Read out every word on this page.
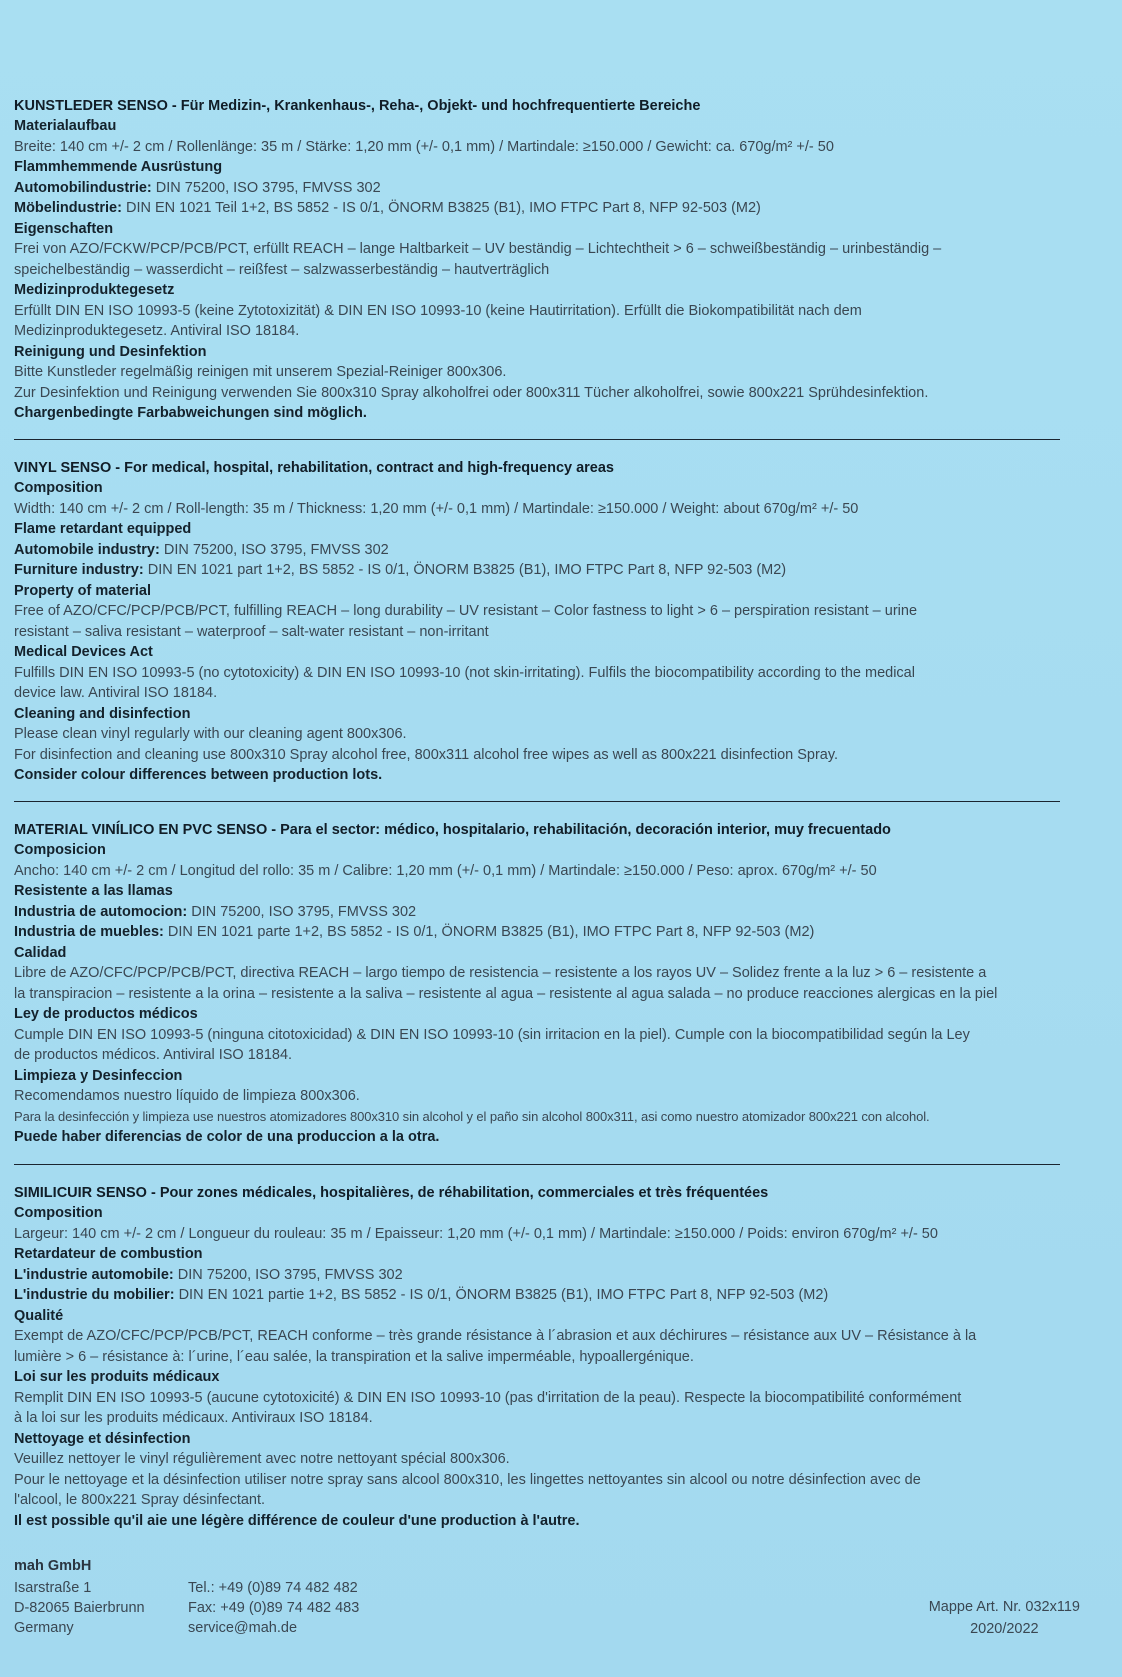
KUNSTLEDER SENSO - Für Medizin-, Krankenhaus-, Reha-, Objekt- und hochfrequentierte Bereiche
Materialaufbau
Breite: 140 cm +/- 2 cm / Rollenlänge: 35 m / Stärke: 1,20 mm (+/- 0,1 mm) / Martindale: ≥150.000 / Gewicht: ca. 670g/m² +/- 50
Flammhemmende Ausrüstung
Automobilindustrie: DIN 75200, ISO 3795, FMVSS 302
Möbelindustrie: DIN EN 1021 Teil 1+2, BS 5852 - IS 0/1, ÖNORM B3825 (B1), IMO FTPC Part 8, NFP 92-503 (M2)
Eigenschaften
Frei von AZO/FCKW/PCP/PCB/PCT, erfüllt REACH – lange Haltbarkeit – UV beständig – Lichtechtheit > 6 – schweißbeständig – urinbeständig –
speichelbeständig – wasserdicht – reißfest – salzwasserbeständig – hautverträglich
Medizinproduktegesetz
Erfüllt DIN EN ISO 10993-5 (keine Zytotoxizität) & DIN EN ISO 10993-10 (keine Hautirritation). Erfüllt die Biokompatibilität nach dem
Medizinproduktegesetz. Antiviral ISO 18184.
Reinigung und Desinfektion
Bitte Kunstleder regelmäßig reinigen mit unserem Spezial-Reiniger 800x306.
Zur Desinfektion und Reinigung verwenden Sie 800x310 Spray alkoholfrei oder 800x311 Tücher alkoholfrei, sowie 800x221 Sprühdesinfektion.
Chargenbedingte Farbabweichungen sind möglich.
VINYL SENSO - For medical, hospital, rehabilitation, contract and high-frequency areas
Composition
Width: 140 cm +/- 2 cm / Roll-length: 35 m / Thickness: 1,20 mm (+/- 0,1 mm) / Martindale: ≥150.000 / Weight: about 670g/m² +/- 50
Flame retardant equipped
Automobile industry: DIN 75200, ISO 3795, FMVSS 302
Furniture industry: DIN EN 1021 part 1+2, BS 5852 - IS 0/1, ÖNORM B3825 (B1), IMO FTPC Part 8, NFP 92-503 (M2)
Property of material
Free of AZO/CFC/PCP/PCB/PCT, fulfilling REACH – long durability – UV resistant – Color fastness to light > 6 – perspiration resistant – urine
resistant – saliva resistant – waterproof – salt-water resistant – non-irritant
Medical Devices Act
Fulfills DIN EN ISO 10993-5 (no cytotoxicity) & DIN EN ISO 10993-10 (not skin-irritating). Fulfils the biocompatibility according to the medical
device law. Antiviral ISO 18184.
Cleaning and disinfection
Please clean vinyl regularly with our cleaning agent 800x306.
For disinfection and cleaning use 800x310 Spray alcohol free, 800x311 alcohol free wipes as well as 800x221 disinfection Spray.
Consider colour differences between production lots.
MATERIAL VINÍLICO EN PVC SENSO - Para el sector: médico, hospitalario, rehabilitación, decoración interior, muy frecuentado
Composicion
Ancho: 140 cm +/- 2 cm / Longitud del rollo: 35 m / Calibre: 1,20 mm (+/- 0,1 mm) / Martindale: ≥150.000 / Peso: aprox. 670g/m² +/- 50
Resistente a las llamas
Industria de automocion: DIN 75200, ISO 3795, FMVSS 302
Industria de muebles: DIN EN 1021 parte 1+2, BS 5852 - IS 0/1, ÖNORM B3825 (B1), IMO FTPC Part 8, NFP 92-503 (M2)
Calidad
Libre de AZO/CFC/PCP/PCB/PCT, directiva REACH – largo tiempo de resistencia – resistente a los rayos UV – Solidez frente a la luz > 6 – resistente a
la transpiracion – resistente a la orina – resistente a la saliva – resistente al agua – resistente al agua salada – no produce reacciones alergicas en la piel
Ley de productos médicos
Cumple DIN EN ISO 10993-5 (ninguna citotoxicidad) & DIN EN ISO 10993-10 (sin irritacion en la piel). Cumple con la biocompatibilidad según la Ley
de productos médicos. Antiviral ISO 18184.
Limpieza y Desinfeccion
Recomendamos nuestro líquido de limpieza 800x306.
Para la desinfección y limpieza use nuestros atomizadores 800x310 sin alcohol y el paño sin alcohol 800x311, asi como nuestro atomizador 800x221 con alcohol.
Puede haber diferencias de color de una produccion a la otra.
SIMILICUIR SENSO - Pour zones médicales, hospitalières, de réhabilitation, commerciales et très fréquentées
Composition
Largeur: 140 cm +/- 2 cm / Longueur du rouleau: 35 m / Epaisseur: 1,20 mm (+/- 0,1 mm) / Martindale: ≥150.000 / Poids: environ 670g/m² +/- 50
Retardateur de combustion
L'industrie automobile: DIN 75200, ISO 3795, FMVSS 302
L'industrie du mobilier: DIN EN 1021 partie 1+2, BS 5852 - IS 0/1, ÖNORM B3825 (B1), IMO FTPC Part 8, NFP 92-503 (M2)
Qualité
Exempt de AZO/CFC/PCP/PCB/PCT, REACH conforme – très grande résistance à l´abrasion et aux déchirures – résistance aux UV – Résistance à la
lumière > 6 – résistance à: l´urine, l´eau salée, la transpiration et la salive imperméable, hypoallergénique.
Loi sur les produits médicaux
Remplit DIN EN ISO 10993-5 (aucune cytotoxicité) & DIN EN ISO 10993-10 (pas d'irritation de la peau). Respecte la biocompatibilité conformément
à la loi sur les produits médicaux. Antiviraux ISO 18184.
Nettoyage et désinfection
Veuillez nettoyer le vinyl régulièrement avec notre nettoyant spécial 800x306.
Pour le nettoyage et la désinfection utiliser notre spray sans alcool 800x310, les lingettes nettoyantes sin alcool ou notre désinfection avec de
l'alcool, le 800x221 Spray désinfectant.
Il est possible qu'il aie une légère différence de couleur d'une production à l'autre.
mah GmbH
Isarstraße 1
D-82065 Baierbrunn
Germany
Tel.: +49 (0)89 74 482 482
Fax: +49 (0)89 74 482 483
service@mah.de
Mappe Art. Nr. 032x119
2020/2022
